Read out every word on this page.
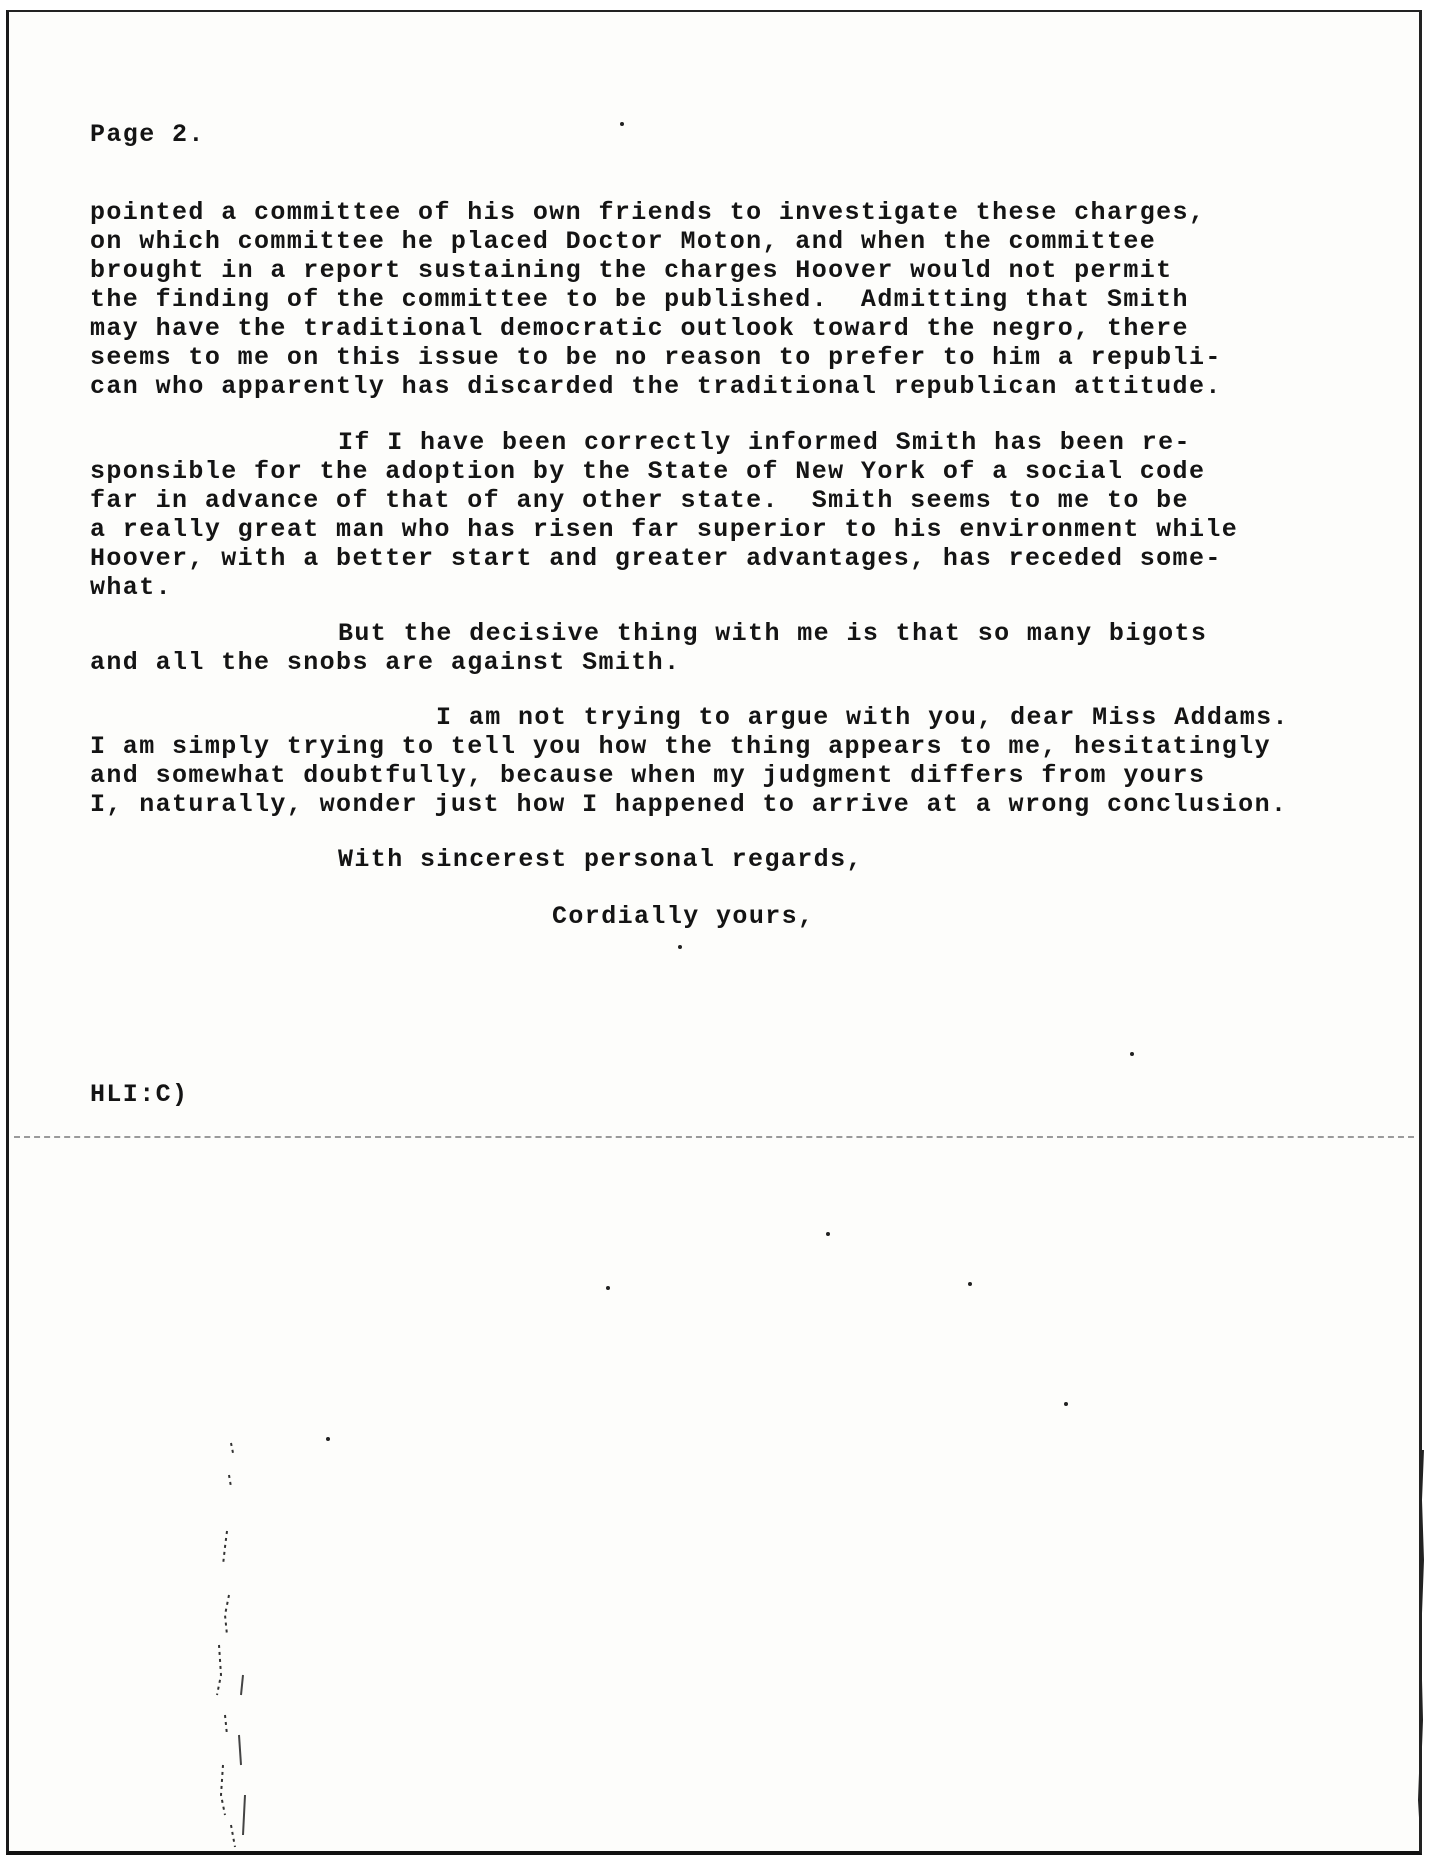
Page 2.
pointed a committee of his own friends to investigate these charges,
on which committee he placed Doctor Moton, and when the committee
brought in a report sustaining the charges Hoover would not permit
the finding of the committee to be published.  Admitting that Smith
may have the traditional democratic outlook toward the negro, there
seems to me on this issue to be no reason to prefer to him a republi-
can who apparently has discarded the traditional republican attitude.
If I have been correctly informed Smith has been re-
sponsible for the adoption by the State of New York of a social code
far in advance of that of any other state.  Smith seems to me to be
a really great man who has risen far superior to his environment while
Hoover, with a better start and greater advantages, has receded some-
what.
But the decisive thing with me is that so many bigots
and all the snobs are against Smith.
I am not trying to argue with you, dear Miss Addams.
I am simply trying to tell you how the thing appears to me, hesitatingly
and somewhat doubtfully, because when my judgment differs from yours
I, naturally, wonder just how I happened to arrive at a wrong conclusion.
With sincerest personal regards,
Cordially yours,
HLI:C)
